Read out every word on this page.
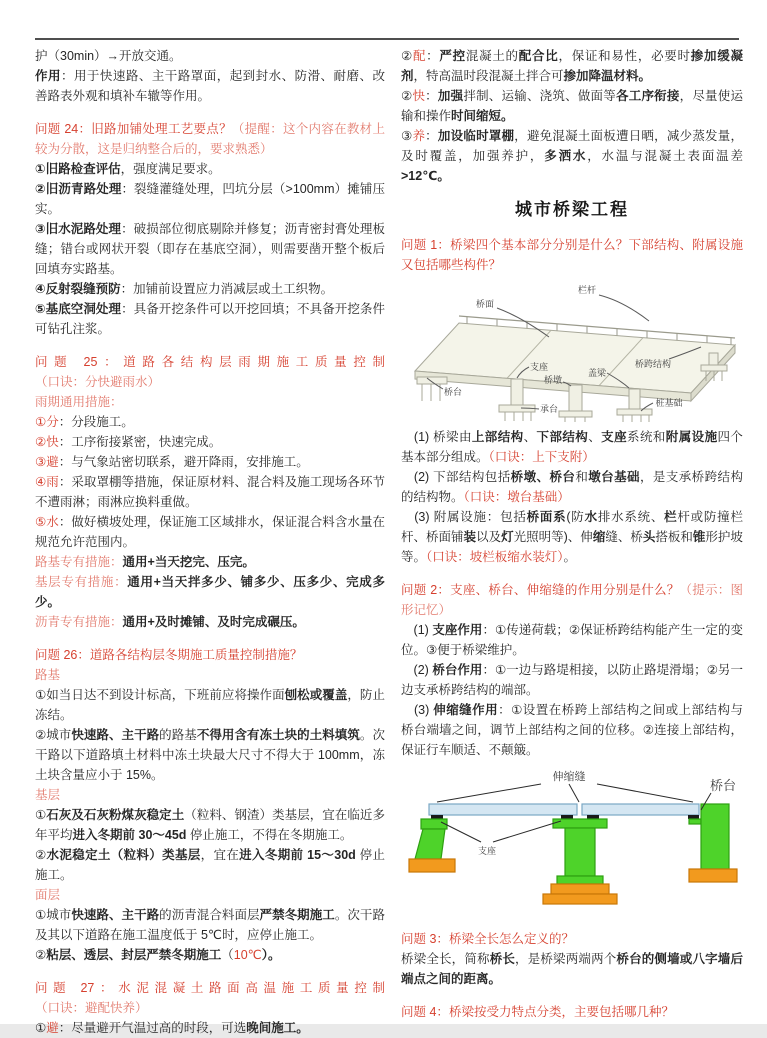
护（30min）→开放交通。

作用：用于快速路、主干路罩面，起到封水、防滑、耐磨、改善路表外观和填补车辙等作用。

问题 24：旧路加铺处理工艺要点？（提醒：这个内容在教材上较为分散，这是归纳整合后的，要求熟悉）

①旧路检查评估，强度满足要求。

②旧沥青路处理：裂缝灌缝处理，凹坑分层（>100mm）摊铺压实。

③旧水泥路处理：破损部位彻底剔除并修复；沥青密封膏处理板缝；错台或网状开裂（即存在基底空洞），则需要凿开整个板后回填夯实路基。

④反射裂缝预防：加铺前设置应力消减层或土工织物。

⑤基底空洞处理：具备开挖条件可以开挖回填；不具备开挖条件可钻孔注浆。

问题 25：道路各结构层雨期施工质量控制（口诀：分快避雨水）

雨期通用措施：

①分：分段施工。

②快：工序衔接紧密，快速完成。

③避：与气象站密切联系，避开降雨，安排施工。

④雨：采取罩棚等措施，保证原材料、混合料及施工现场各环节不遭雨淋；雨淋应换料重做。

⑤水：做好横坡处理，保证施工区域排水，保证混合料含水量在规范允许范围内。

路基专有措施：通用+当天挖完、压完。

基层专有措施：通用+当天拌多少、铺多少、压多少、完成多少。

沥青专有措施：通用+及时摊铺、及时完成碾压。

问题 26：道路各结构层冬期施工质量控制措施？

路基

①如当日达不到设计标高，下班前应将操作面刨松或覆盖，防止冻结。

②城市快速路、主干路的路基不得用含有冻土块的土料填筑。次干路以下道路填土材料中冻土块最大尺寸不得大于 100mm，冻土块含量应小于 15%。

基层

①石灰及石灰粉煤灰稳定土（粒料、钢渣）类基层，宜在临近多年平均进入冬期前 30～45d 停止施工，不得在冬期施工。

②水泥稳定土（粒料）类基层，宜在进入冬期前 15～30d 停止施工。

面层

①城市快速路、主干路的沥青混合料面层严禁冬期施工。次干路及其以下道路在施工温度低于 5℃时，应停止施工。

②粘层、透层、封层严禁冬期施工（10℃）。

问题 27：水泥混凝土路面高温施工质量控制（口诀：避配快养）

①避：尽量避开气温过高的时段，可选晚间施工。

②配：严控混凝土的配合比，保证和易性，必要时掺加缓凝剂，特高温时段混凝土拌合可掺加降温材料。

②快：加强拌制、运输、浇筑、做面等各工序衔接，尽量使运输和操作时间缩短。

③养：加设临时罩棚，避免混凝土面板遭日晒，减少蒸发量，及时覆盖，加强养护，多洒水，水温与混凝土表面温差>12℃。

城市桥梁工程

问题 1：桥梁四个基本部分分别是什么？下部结构、附属设施又包括哪些构件？

桥面
栏杆
桥跨结构
盖梁
支座
桥台
承台
桥墩
桩基础

　(1) 桥梁由上部结构、下部结构、支座系统和附属设施四个基本部分组成。（口诀：上下支附）

　(2) 下部结构包括桥墩、桥台和墩台基础，是支承桥跨结构的结构物。（口诀：墩台基础）

　(3) 附属设施：包括桥面系(防水排水系统、栏杆或防撞栏杆、桥面铺装以及灯光照明等)、伸缩缝、桥头搭板和锥形护坡等。（口诀：坡栏板缩水装灯）。

问题 2：支座、桥台、伸缩缝的作用分别是什么？（提示：图形记忆）

　(1) 支座作用：①传递荷载；②保证桥跨结构能产生一定的变位。③便于桥梁维护。

　(2) 桥台作用：①一边与路堤相接，以防止路堤滑塌；②另一边支承桥跨结构的端部。

　(3) 伸缩缝作用：①设置在桥跨上部结构之间或上部结构与桥台端墙之间，调节上部结构之间的位移。②连接上部结构，保证行车顺适、不颠簸。

伸缩缝
桥台
支座

问题 3：桥梁全长怎么定义的？

桥梁全长，简称桥长，是桥梁两端两个桥台的侧墙或八字墙后端点之间的距离。

问题 4：桥梁按受力特点分类，主要包括哪几种？
